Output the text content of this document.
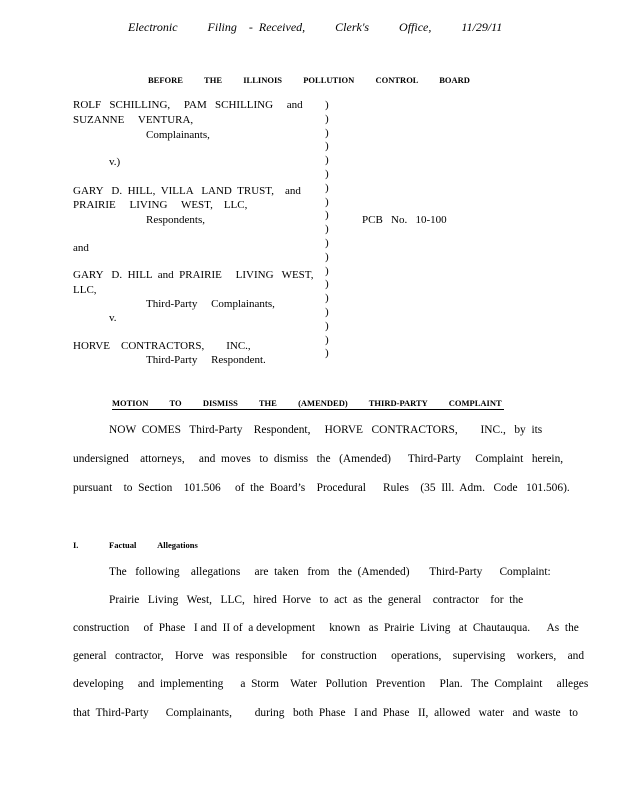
Electronic          Filing    -  Received,          Clerk's          Office,          11/29/11
BEFORE          THE          ILLINOIS          POLLUTION          CONTROL          BOARD
ROLF   SCHILLING,     PAM   SCHILLING     and
SUZANNE     VENTURA,
Complainants,
v.)
GARY   D.  HILL,  VILLA   LAND  TRUST,    and
PRAIRIE     LIVING     WEST,    LLC,
Respondents,
and
GARY   D.  HILL  and  PRAIRIE     LIVING   WEST,
LLC,
Third-Party     Complainants,
v.
HORVE    CONTRACTORS,        INC.,
Third-Party     Respondent.
)
)
)
)
)
)
)
)
)
)
)
)
)
)
)
)
)
)
)
PCB   No.   10-100
MOTION          TO          DISMISS          THE          (AMENDED)          THIRD-PARTY          COMPLAINT
NOW  COMES   Third-Party    Respondent,     HORVE   CONTRACTORS,        INC.,   by  its
undersigned    attorneys,     and  moves   to  dismiss   the   (Amended)      Third-Party     Complaint   herein,
pursuant    to  Section    101.506     of  the  Board’s    Procedural      Rules    (35  Ill.  Adm.   Code   101.506).
I.	Factual          Allegations
The   following    allegations     are  taken   from   the  (Amended)       Third-Party      Complaint:
Prairie   Living   West,   LLC,   hired  Horve   to  act  as  the  general    contractor    for  the
construction     of  Phase   I and  II of  a development     known   as  Prairie  Living   at  Chautauqua.      As  the
general   contractor,    Horve   was  responsible     for  construction     operations,    supervising    workers,    and
developing     and  implementing      a  Storm    Water   Pollution   Prevention     Plan.   The  Complaint     alleges
that  Third-Party      Complainants,        during   both  Phase   I and  Phase   II,  allowed   water   and  waste   to
